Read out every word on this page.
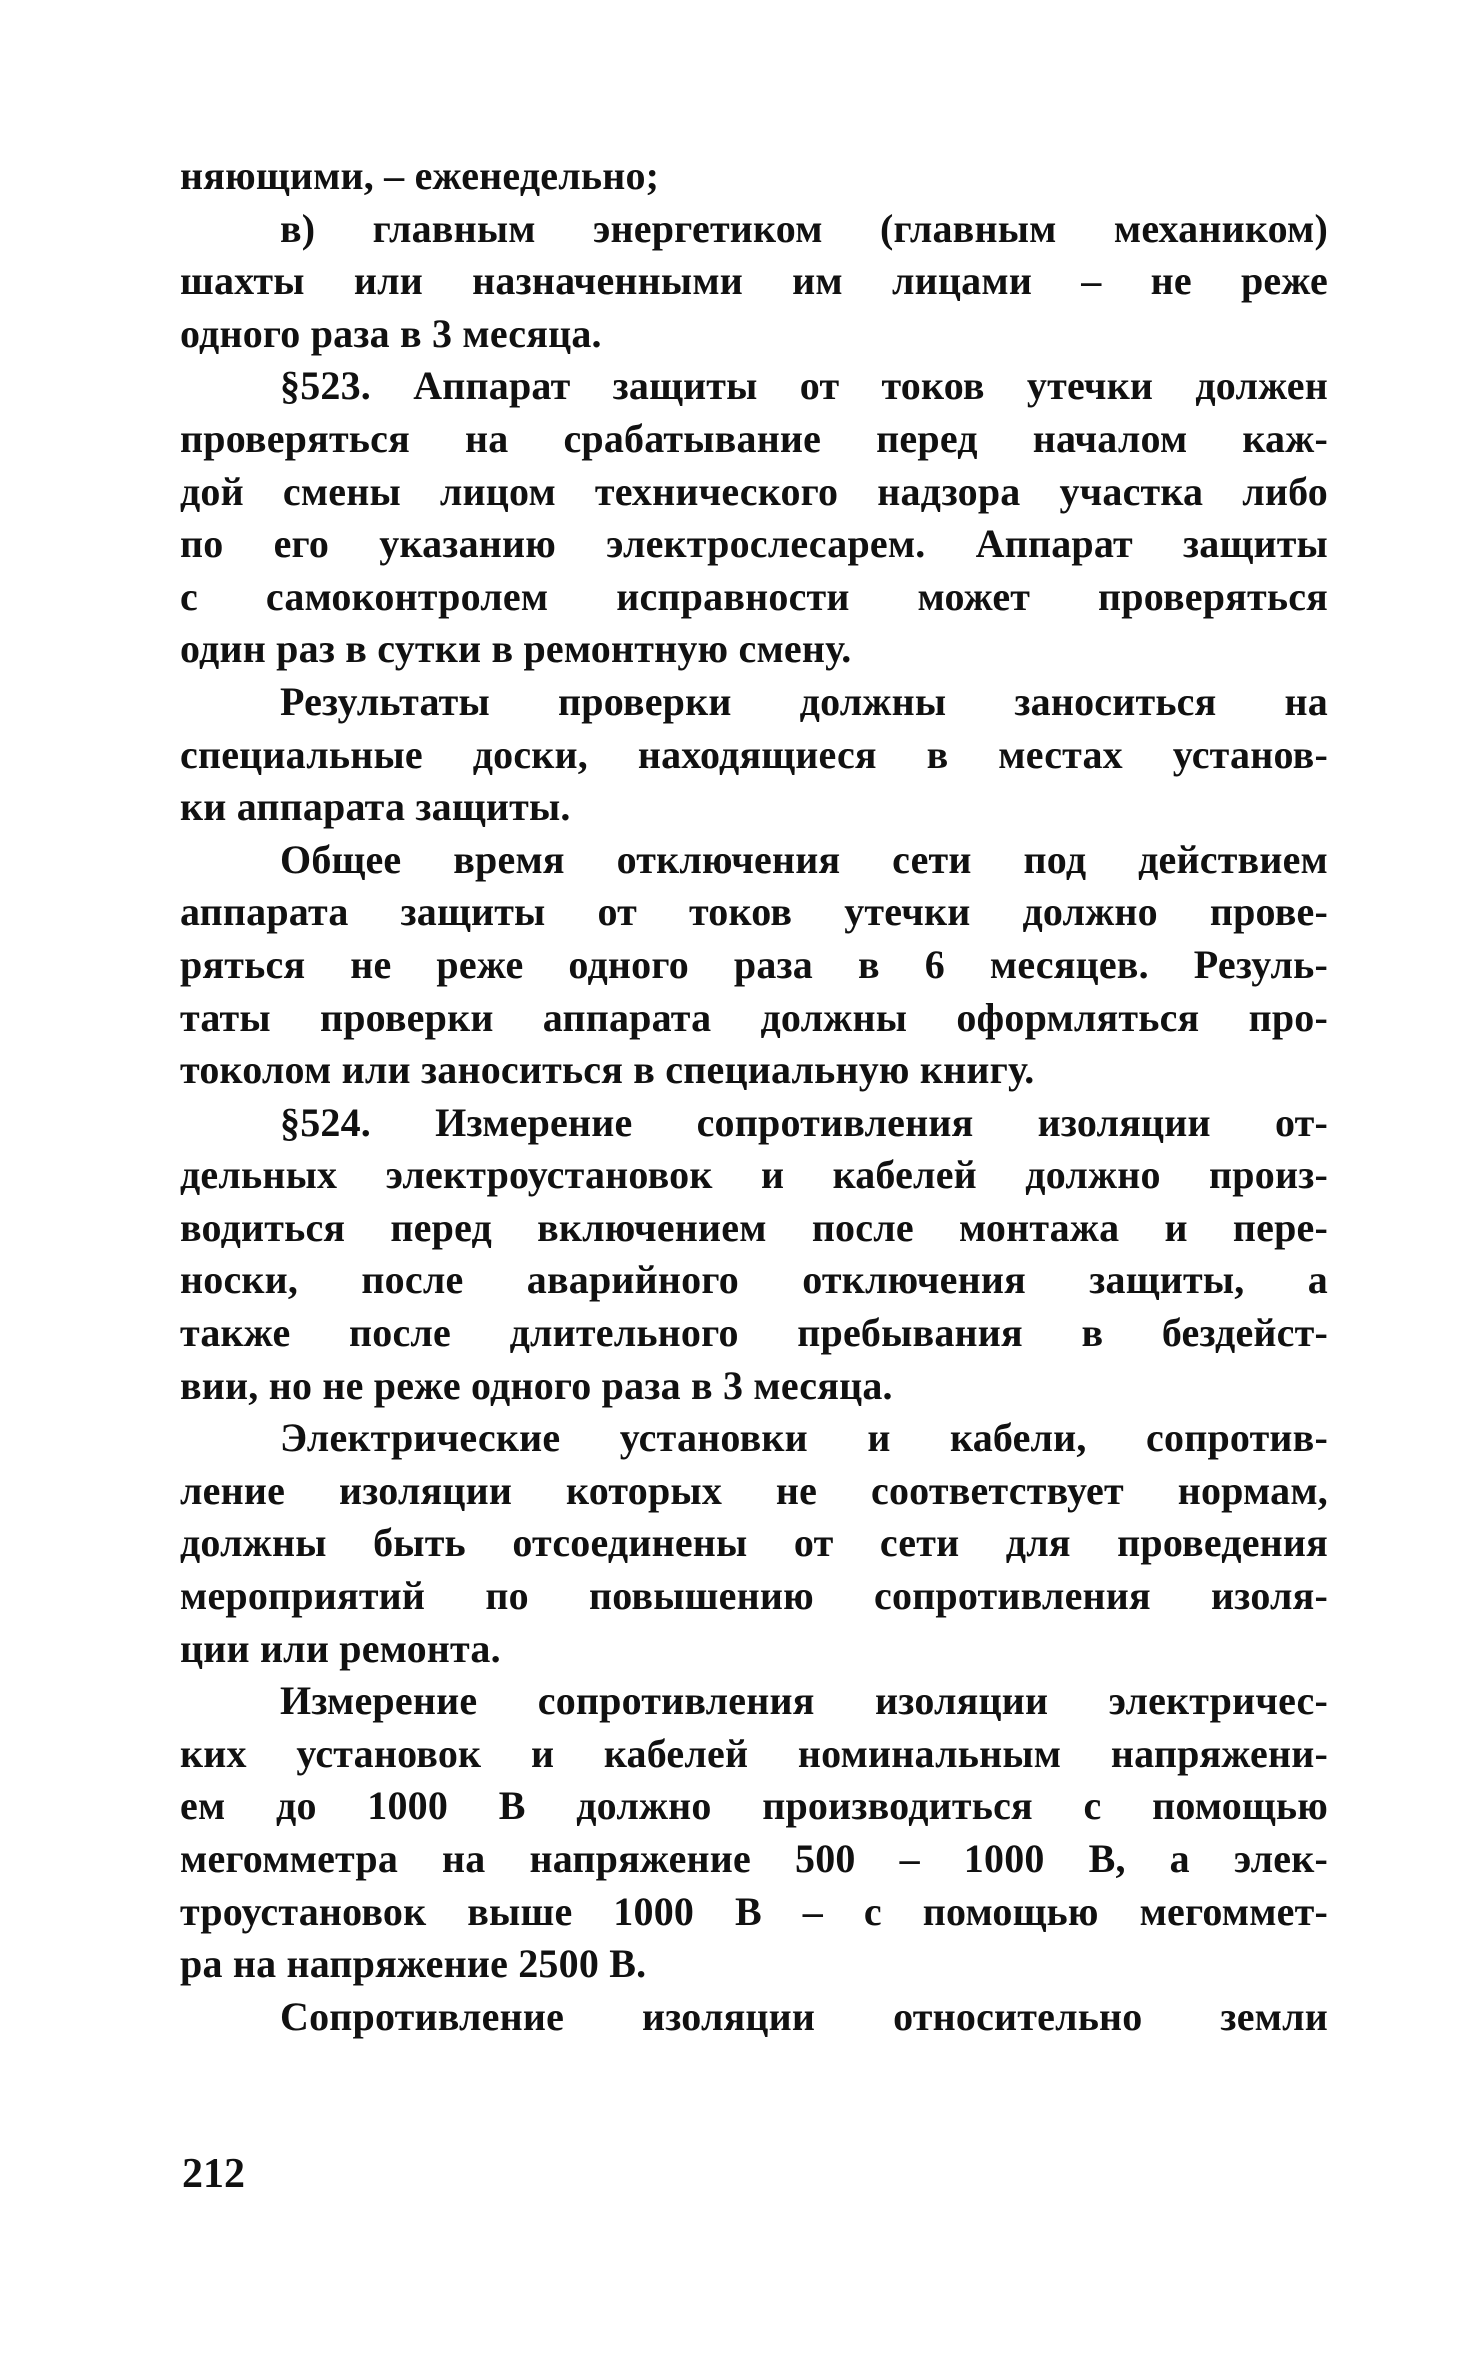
няющими, – еженедельно;
в) главным энергетиком (главным механиком)
шахты или назначенными им лицами – не реже
одного раза в 3 месяца.
§523. Аппарат защиты от токов утечки должен
проверяться на срабатывание перед началом каж-
дой смены лицом технического надзора участка либо
по его указанию электрослесарем. Аппарат защиты
с самоконтролем исправности может проверяться
один раз в сутки в ремонтную смену.
Результаты проверки должны заноситься на
специальные доски, находящиеся в местах установ-
ки аппарата защиты.
Общее время отключения сети под действием
аппарата защиты от токов утечки должно прове-
ряться не реже одного раза в 6 месяцев. Резуль-
таты проверки аппарата должны оформляться про-
токолом или заноситься в специальную книгу.
§524. Измерение сопротивления изоляции от-
дельных электроустановок и кабелей должно произ-
водиться перед включением после монтажа и пере-
носки, после аварийного отключения защиты, а
также после длительного пребывания в бездейст-
вии, но не реже одного раза в 3 месяца.
Электрические установки и кабели, сопротив-
ление изоляции которых не соответствует нормам,
должны быть отсоединены от сети для проведения
мероприятий по повышению сопротивления изоля-
ции или ремонта.
Измерение сопротивления изоляции электричес-
ких установок и кабелей номинальным напряжени-
ем до 1000 В должно производиться с помощью
мегомметра на напряжение 500 – 1000 В, а элек-
троустановок выше 1000 В – с помощью мегоммет-
ра на напряжение 2500 В.
Сопротивление изоляции относительно земли
212
